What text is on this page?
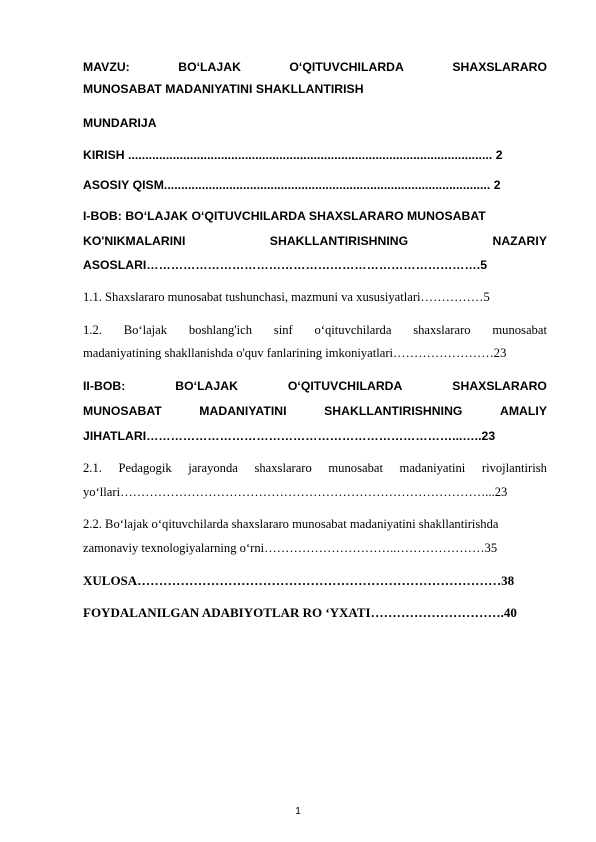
MAVZU:	BO‘LAJAK	O‘QITUVCHILARDA	SHAXSLARARO
MUNOSABAT MADANIYATINI SHAKLLANTIRISH
MUNDARIJA
KIRISH .......................................................................................................... 2
ASOSIY QISM............................................................................................... 2
I-BOB: BO‘LAJAK O‘QITUVCHILARDA SHAXSLARARO MUNOSABAT
KO'NIKMALARINI	SHAKLLANTIRISHNING	NAZARIY
ASOSLARI……………………………………………………………………….5
1.1. Shaxslararo munosabat tushunchasi, mazmuni va xususiyatlari……………5
1.2. Bo‘lajak boshlang'ich sinf o‘qituvchilarda shaxslararo munosabat
madaniyatining shakllanishda o'quv fanlarining imkoniyatlari……………………23
II-BOB:	BO‘LAJAK	O‘QITUVCHILARDA	SHAXSLARARO
MUNOSABAT	MADANIYATINI	SHAKLLANTIRISHNING	AMALIY
JIHATLARI…………………………………………………………………...…..23
2.1. Pedagogik jarayonda shaxslararo munosabat madaniyatini rivojlantirish
yo‘llari……………………………………………………………………………...23
2.2. Bo‘lajak o‘qituvchilarda shaxslararo munosabat madaniyatini shakllantirishda
zamonaviy texnologiyalarning o‘rni…………………………..…………………35
XULOSA…………………………………………………………………………38
FOYDALANILGAN ADABIYOTLAR RO ‘YXATI………………………….40
1
